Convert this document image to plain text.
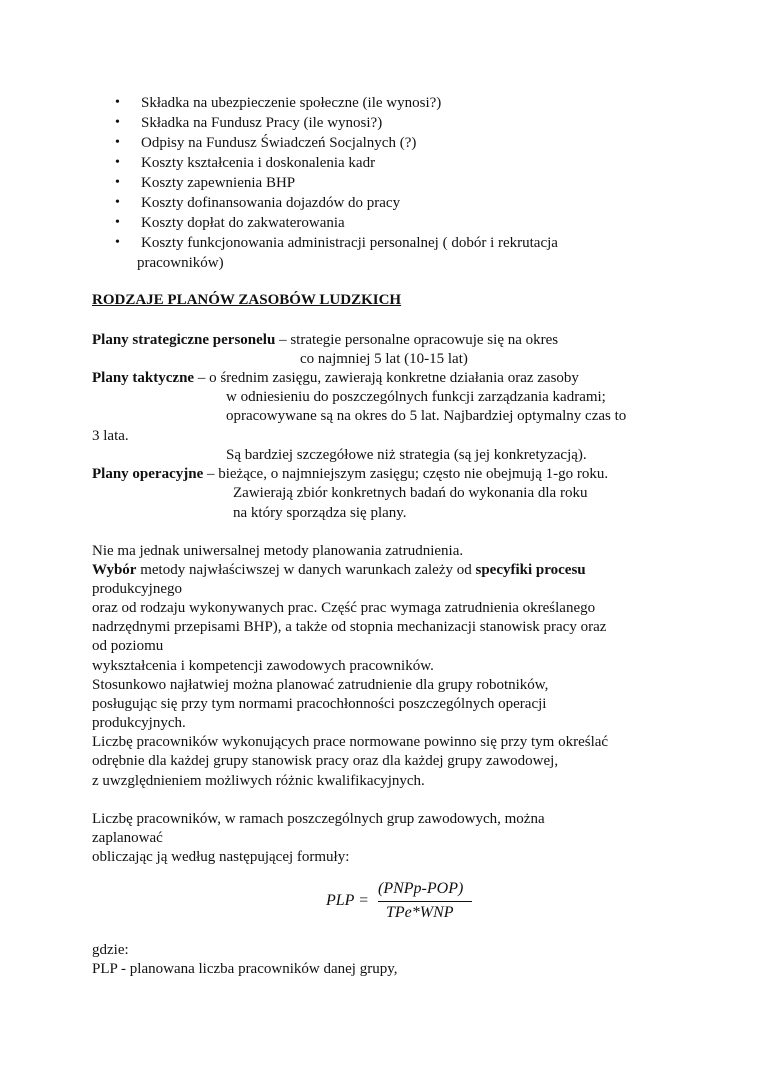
• Składka na ubezpieczenie społeczne (ile wynosi?)
• Składka na Fundusz Pracy (ile wynosi?)
• Odpisy na Fundusz Świadczeń Socjalnych (?)
• Koszty kształcenia i doskonalenia kadr
• Koszty zapewnienia BHP
• Koszty dofinansowania dojazdów do pracy
• Koszty dopłat do zakwaterowania
• Koszty funkcjonowania administracji personalnej ( dobór i rekrutacja
pracowników)
RODZAJE PLANÓW ZASOBÓW LUDZKICH
Plany strategiczne personelu – strategie personalne opracowuje się na okres
co najmniej 5 lat (10-15 lat)
Plany taktyczne – o średnim zasięgu, zawierają konkretne działania oraz zasoby
w odniesieniu do poszczególnych funkcji zarządzania kadrami;
opracowywane są na okres do 5 lat. Najbardziej optymalny czas to
3 lata.
Są bardziej szczegółowe niż strategia (są jej konkretyzacją).
Plany operacyjne – bieżące, o najmniejszym zasięgu; często nie obejmują 1-go roku.
Zawierają zbiór konkretnych badań do wykonania dla roku
na który sporządza się plany.
Nie ma jednak uniwersalnej metody planowania zatrudnienia.
Wybór metody najwłaściwszej w danych warunkach zależy od specyfiki procesu
produkcyjnego
oraz od rodzaju wykonywanych prac. Część prac wymaga zatrudnienia określanego
nadrzędnymi przepisami BHP), a także od stopnia mechanizacji stanowisk pracy oraz
od poziomu
wykształcenia i kompetencji zawodowych pracowników.
Stosunkowo najłatwiej można planować zatrudnienie dla grupy robotników,
posługując się przy tym normami pracochłonności poszczególnych operacji
produkcyjnych.
Liczbę pracowników wykonujących prace normowane powinno się przy tym określać
odrębnie dla każdej grupy stanowisk pracy oraz dla każdej grupy zawodowej,
z uwzględnieniem możliwych różnic kwalifikacyjnych.
Liczbę pracowników, w ramach poszczególnych grup zawodowych, można
zaplanować
obliczając ją według następującej formuły:
PLP =
(PNPp-POP)
TPe*WNP
gdzie:
PLP - planowana liczba pracowników danej grupy,
